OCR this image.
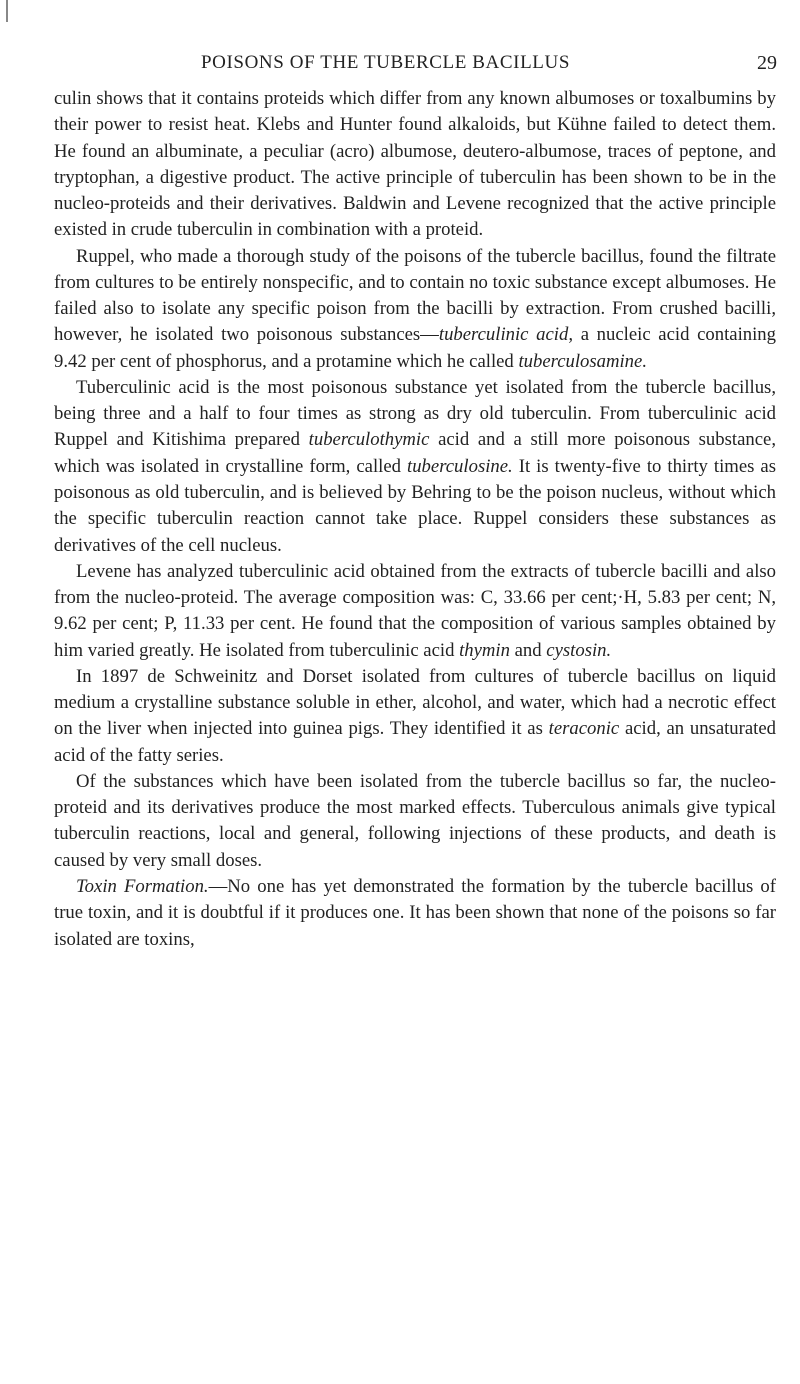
POISONS OF THE TUBERCLE BACILLUS	29

culin shows that it contains proteids which differ from any known albumoses or toxalbumins by their power to resist heat. Klebs and Hunter found alkaloids, but Kühne failed to detect them. He found an albuminate, a peculiar (acro) albumose, deutero-albumose, traces of peptone, and tryptophan, a digestive product. The active principle of tuberculin has been shown to be in the nucleo-proteids and their derivatives. Baldwin and Levene recognized that the active principle existed in crude tuberculin in combination with a proteid.

Ruppel, who made a thorough study of the poisons of the tubercle bacillus, found the filtrate from cultures to be entirely nonspecific, and to contain no toxic substance except albumoses. He failed also to isolate any specific poison from the bacilli by extraction. From crushed bacilli, however, he isolated two poisonous substances—tuberculinic acid, a nucleic acid containing 9.42 per cent of phosphorus, and a protamine which he called tuberculosamine.

Tuberculinic acid is the most poisonous substance yet isolated from the tubercle bacillus, being three and a half to four times as strong as dry old tuberculin. From tuberculinic acid Ruppel and Kitishima prepared tuberculothymic acid and a still more poisonous substance, which was isolated in crystalline form, called tuberculosine. It is twenty-five to thirty times as poisonous as old tuberculin, and is believed by Behring to be the poison nucleus, without which the specific tuberculin reaction cannot take place. Ruppel considers these substances as derivatives of the cell nucleus.

Levene has analyzed tuberculinic acid obtained from the extracts of tubercle bacilli and also from the nucleo-proteid. The average composition was: C, 33.66 per cent;·H, 5.83 per cent; N, 9.62 per cent; P, 11.33 per cent. He found that the composition of various samples obtained by him varied greatly. He isolated from tuberculinic acid thymin and cystosin.

In 1897 de Schweinitz and Dorset isolated from cultures of tubercle bacillus on liquid medium a crystalline substance soluble in ether, alcohol, and water, which had a necrotic effect on the liver when injected into guinea pigs. They identified it as teraconic acid, an unsaturated acid of the fatty series.

Of the substances which have been isolated from the tubercle bacillus so far, the nucleo-proteid and its derivatives produce the most marked effects. Tuberculous animals give typical tuberculin reactions, local and general, following injections of these products, and death is caused by very small doses.

Toxin Formation.—No one has yet demonstrated the formation by the tubercle bacillus of true toxin, and it is doubtful if it produces one. It has been shown that none of the poisons so far isolated are toxins,
